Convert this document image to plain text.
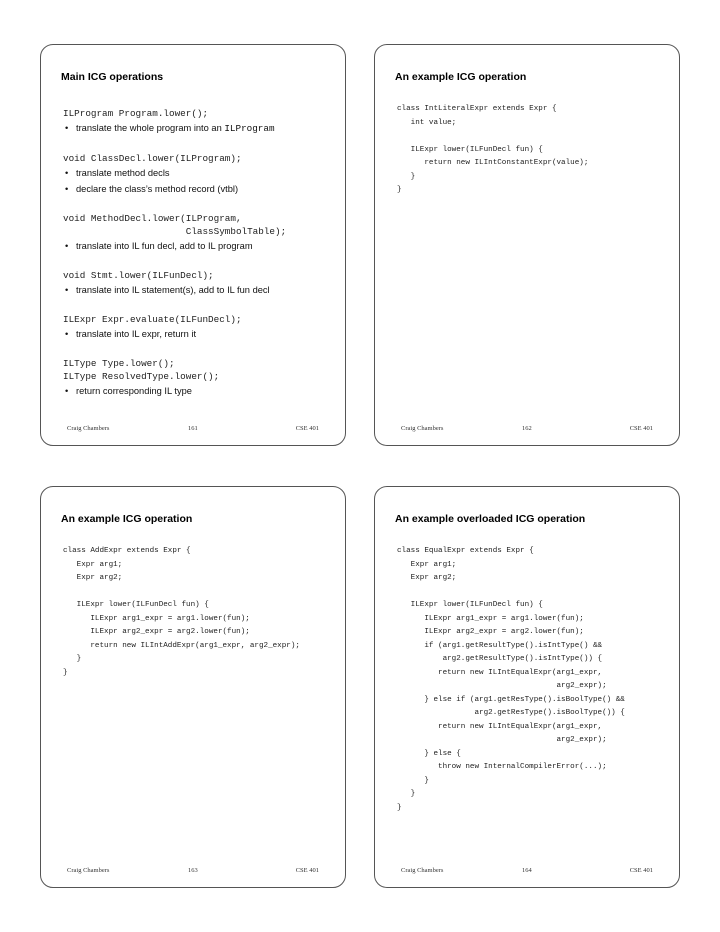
Main ICG operations
ILProgram Program.lower();
• translate the whole program into an ILProgram
void ClassDecl.lower(ILProgram);
• translate method decls
• declare the class’s method record (vtbl)
void MethodDecl.lower(ILProgram,
ClassSymbolTable);
• translate into IL fun decl, add to IL program
void Stmt.lower(ILFunDecl);
• translate into IL statement(s), add to IL fun decl
ILExpr Expr.evaluate(ILFunDecl);
• translate into IL expr, return it
ILType Type.lower();
ILType ResolvedType.lower();
• return corresponding IL type
Craig Chambers	161	CSE 401
An example ICG operation
class IntLiteralExpr extends Expr {
int value;
ILExpr lower(ILFunDecl fun) {
return new ILIntConstantExpr(value);
}
}
Craig Chambers	162	CSE 401
An example ICG operation
class AddExpr extends Expr {
Expr arg1;
Expr arg2;
ILExpr lower(ILFunDecl fun) {
ILExpr arg1_expr = arg1.lower(fun);
ILExpr arg2_expr = arg2.lower(fun);
return new ILIntAddExpr(arg1_expr, arg2_expr);
}
}
Craig Chambers	163	CSE 401
An example overloaded ICG operation
class EqualExpr extends Expr {
Expr arg1;
Expr arg2;
ILExpr lower(ILFunDecl fun) {
ILExpr arg1_expr = arg1.lower(fun);
ILExpr arg2_expr = arg2.lower(fun);
if (arg1.getResultType().isIntType() &&
arg2.getResultType().isIntType()) {
return new ILIntEqualExpr(arg1_expr,
arg2_expr);
} else if (arg1.getResType().isBoolType() &&
arg2.getResType().isBoolType()) {
return new ILIntEqualExpr(arg1_expr,
arg2_expr);
} else {
throw new InternalCompilerError(...);
}
}
}
Craig Chambers	164	CSE 401
